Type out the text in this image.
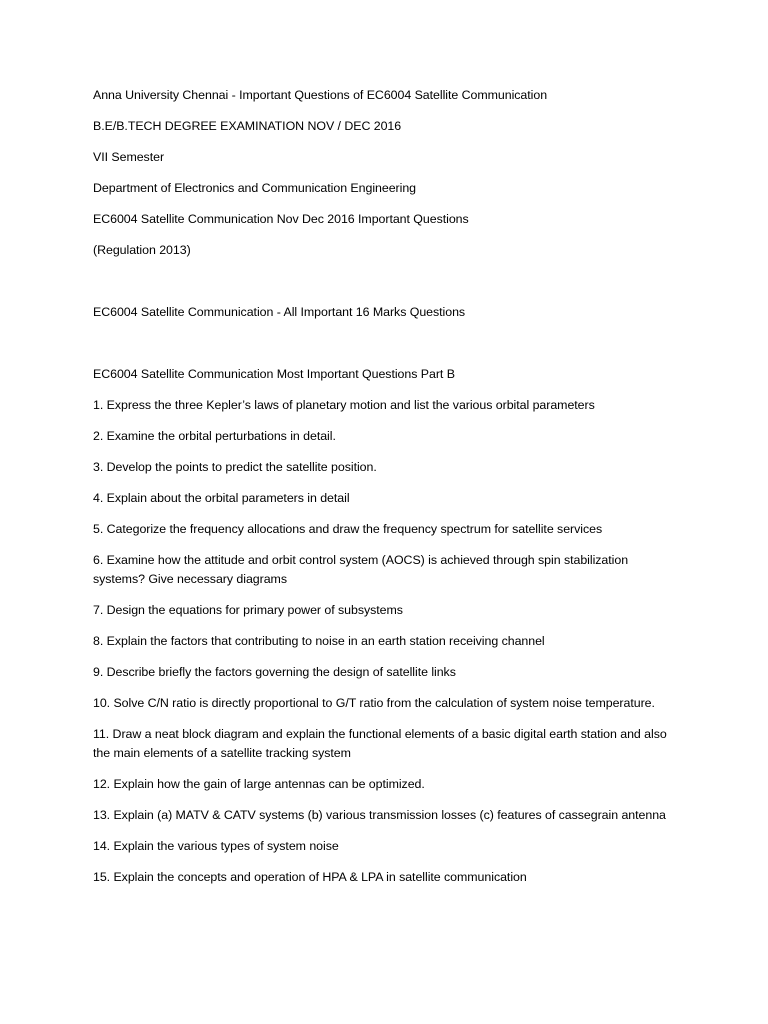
Anna University Chennai - Important Questions of EC6004 Satellite Communication

B.E/B.TECH DEGREE EXAMINATION NOV / DEC 2016

VII Semester

Department of Electronics and Communication Engineering

EC6004 Satellite Communication Nov Dec 2016 Important Questions

(Regulation 2013)

EC6004 Satellite Communication - All Important 16 Marks Questions

EC6004 Satellite Communication Most Important Questions Part B

1. Express the three Kepler’s laws of planetary motion and list the various orbital parameters

2. Examine the orbital perturbations in detail.

3. Develop the points to predict the satellite position.

4. Explain about the orbital parameters in detail

5. Categorize the frequency allocations and draw the frequency spectrum for satellite services

6. Examine how the attitude and orbit control system (AOCS) is achieved through spin stabilization systems? Give necessary diagrams

7. Design the equations for primary power of subsystems

8. Explain the factors that contributing to noise in an earth station receiving channel

9. Describe briefly the factors governing the design of satellite links

10. Solve C/N ratio is directly proportional to G/T ratio from the calculation of system noise temperature.

11. Draw a neat block diagram and explain the functional elements of a basic digital earth station and also the main elements of a satellite tracking system

12. Explain how the gain of large antennas can be optimized.

13. Explain (a) MATV & CATV systems (b) various transmission losses (c) features of cassegrain antenna

14. Explain the various types of system noise

15. Explain the concepts and operation of HPA & LPA in satellite communication
